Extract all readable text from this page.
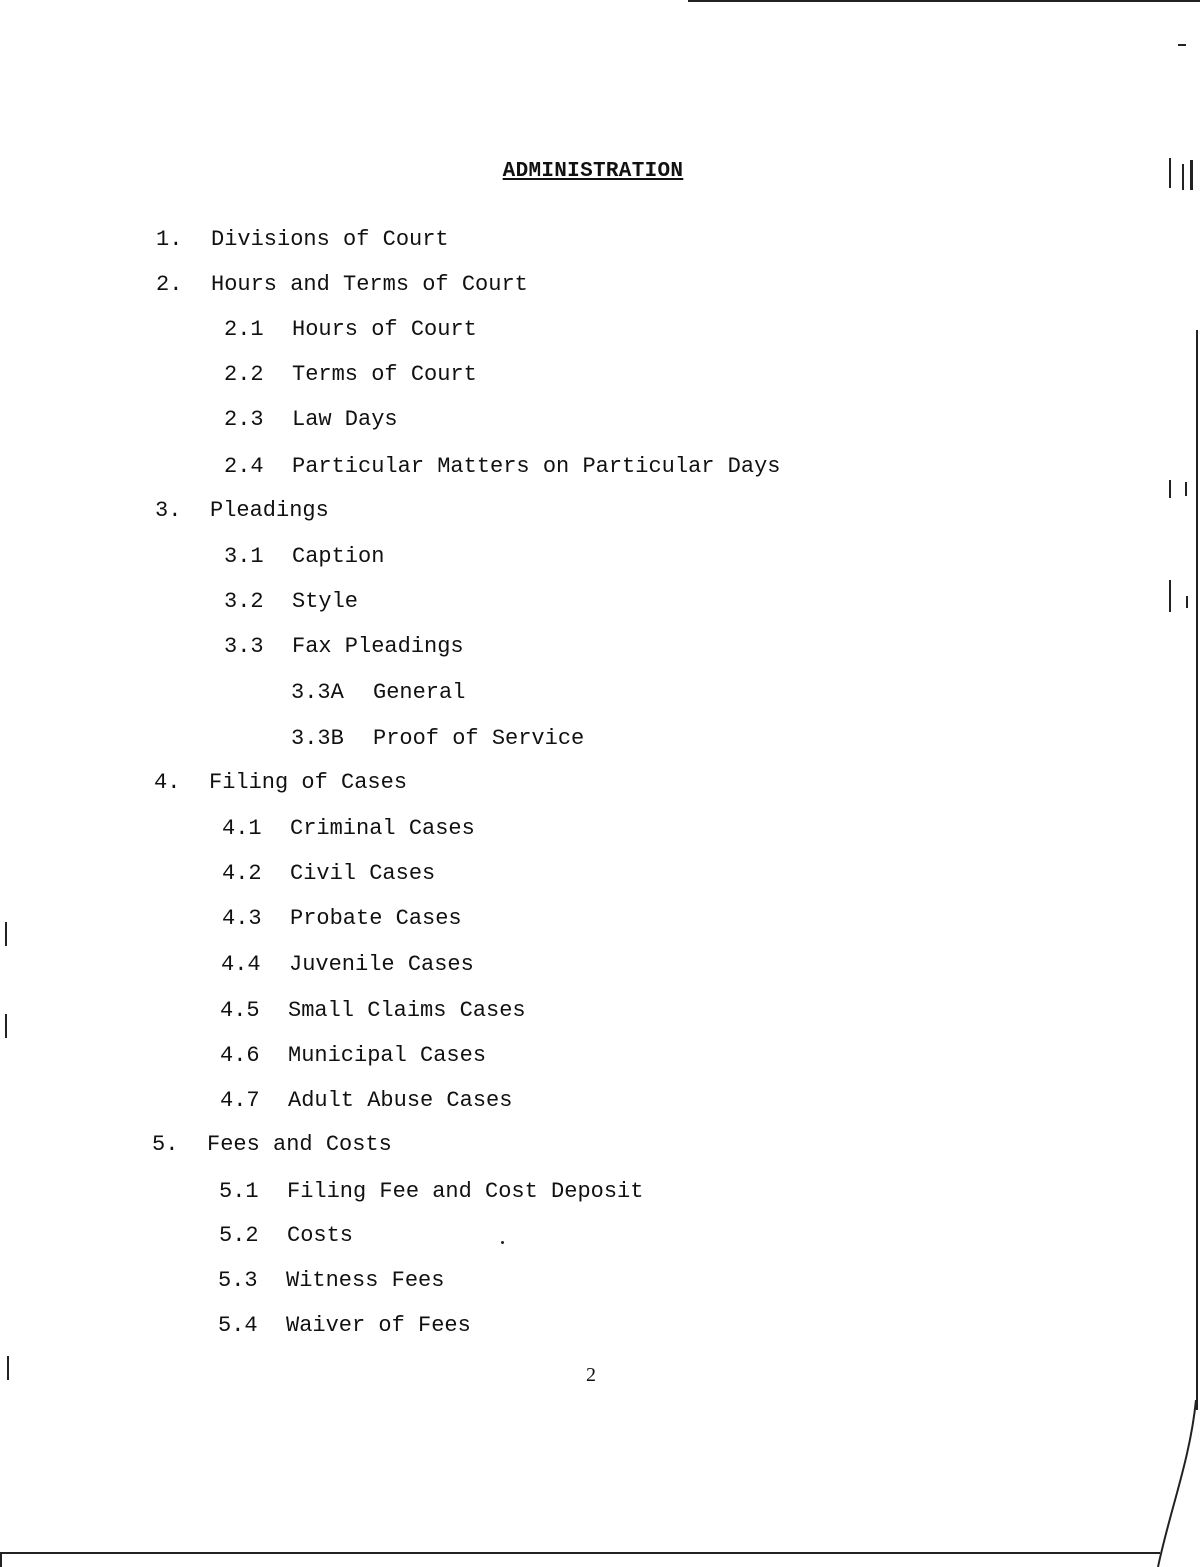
ADMINISTRATION
1. Divisions of Court
2. Hours and Terms of Court
2.1 Hours of Court
2.2 Terms of Court
2.3 Law Days
2.4 Particular Matters on Particular Days
3. Pleadings
3.1 Caption
3.2 Style
3.3 Fax Pleadings
3.3A General
3.3B Proof of Service
4. Filing of Cases
4.1 Criminal Cases
4.2 Civil Cases
4.3 Probate Cases
4.4 Juvenile Cases
4.5 Small Claims Cases
4.6 Municipal Cases
4.7 Adult Abuse Cases
5. Fees and Costs
5.1 Filing Fee and Cost Deposit
5.2 Costs
5.3 Witness Fees
5.4 Waiver of Fees
2
